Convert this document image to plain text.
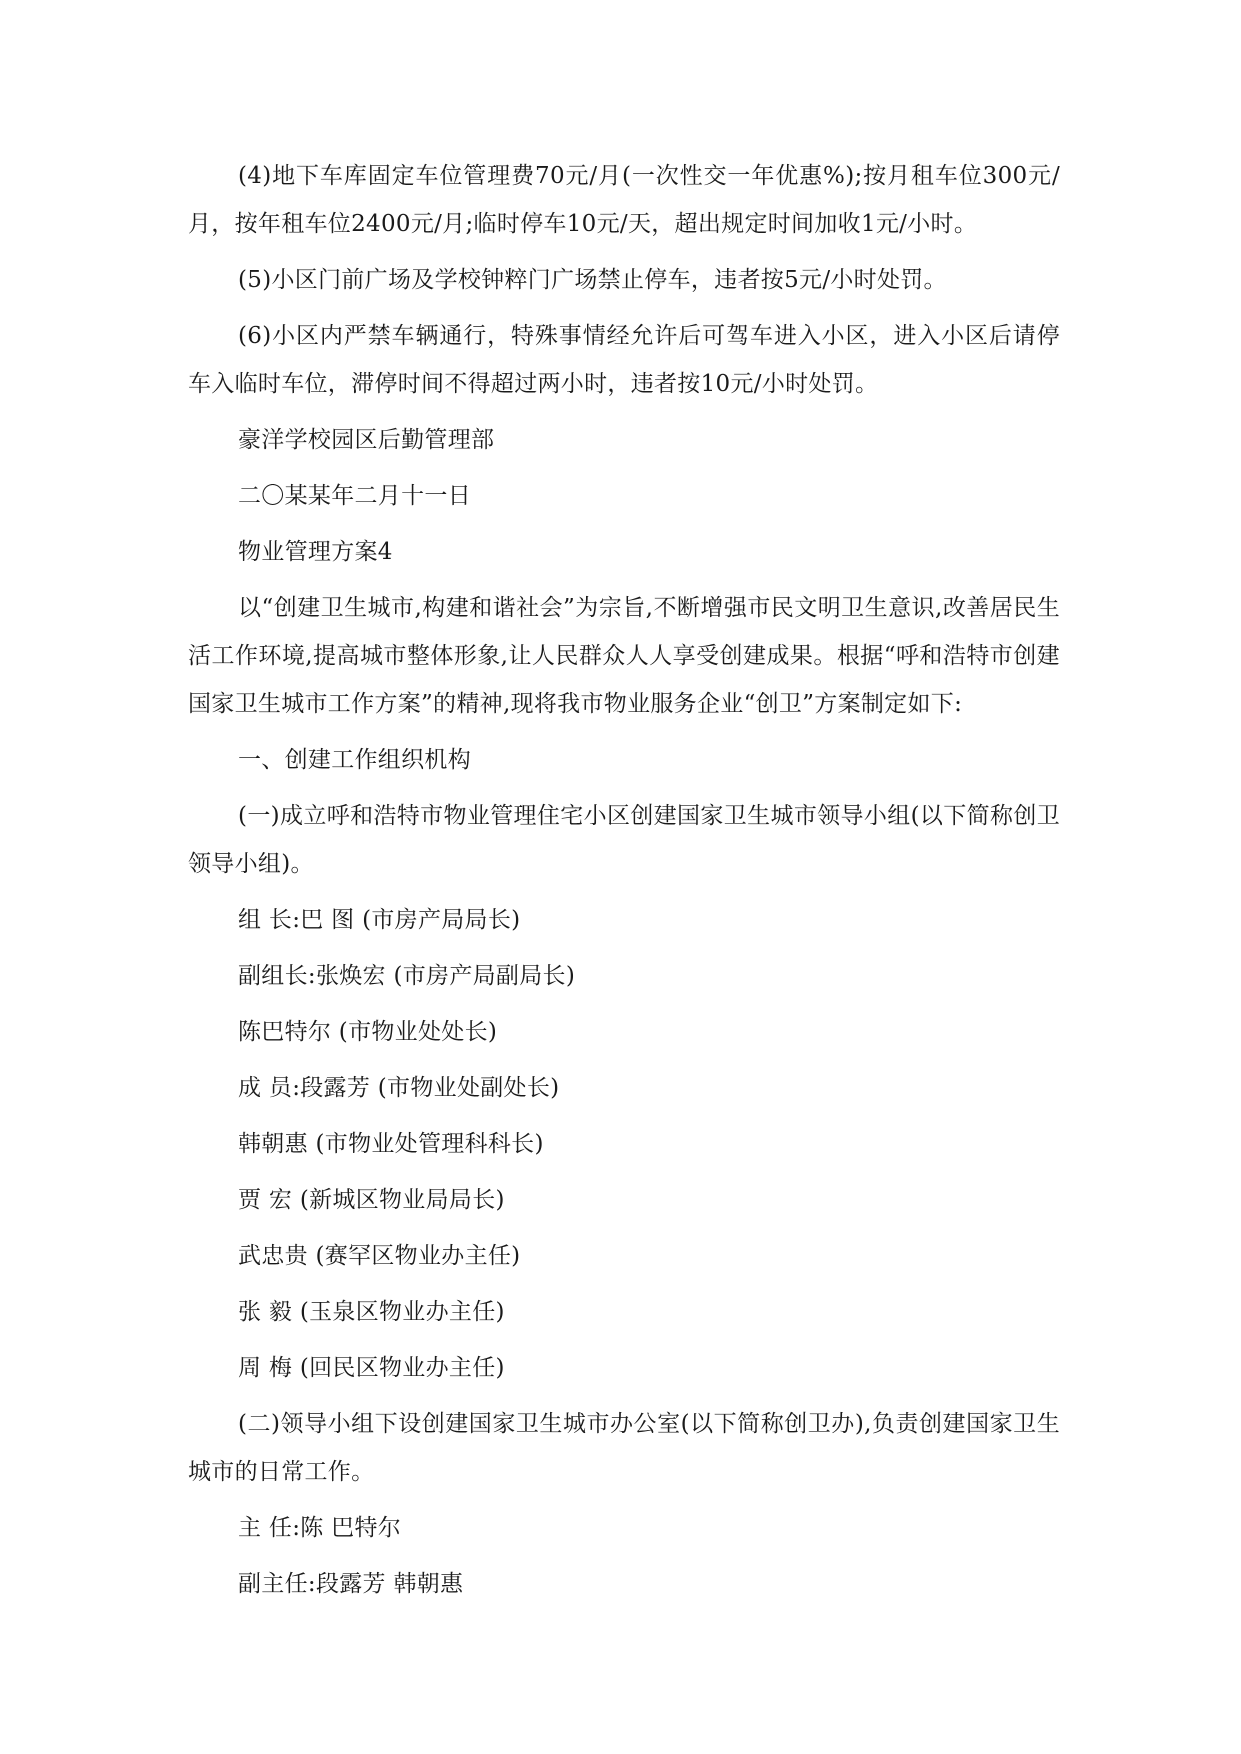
(4)地下车库固定车位管理费70元/月(一次性交一年优惠%);按月租车位300元/月，按年租车位2400元/月;临时停车10元/天，超出规定时间加收1元/小时。

(5)小区门前广场及学校钟粹门广场禁止停车，违者按5元/小时处罚。

(6)小区内严禁车辆通行，特殊事情经允许后可驾车进入小区，进入小区后请停车入临时车位，滞停时间不得超过两小时，违者按10元/小时处罚。

豪洋学校园区后勤管理部

二〇某某年二月十一日

物业管理方案4

以“创建卫生城市,构建和谐社会”为宗旨,不断增强市民文明卫生意识,改善居民生活工作环境,提高城市整体形象,让人民群众人人享受创建成果。根据“呼和浩特市创建国家卫生城市工作方案”的精神,现将我市物业服务企业“创卫”方案制定如下:

一、创建工作组织机构

(一)成立呼和浩特市物业管理住宅小区创建国家卫生城市领导小组(以下简称创卫领导小组)。

组 长:巴 图 (市房产局局长)

副组长:张焕宏 (市房产局副局长)

陈巴特尔 (市物业处处长)

成 员:段露芳 (市物业处副处长)

韩朝惠 (市物业处管理科科长)

贾 宏 (新城区物业局局长)

武忠贵 (赛罕区物业办主任)

张 毅 (玉泉区物业办主任)

周 梅 (回民区物业办主任)

(二)领导小组下设创建国家卫生城市办公室(以下简称创卫办),负责创建国家卫生城市的日常工作。

主 任:陈 巴特尔

副主任:段露芳 韩朝惠
